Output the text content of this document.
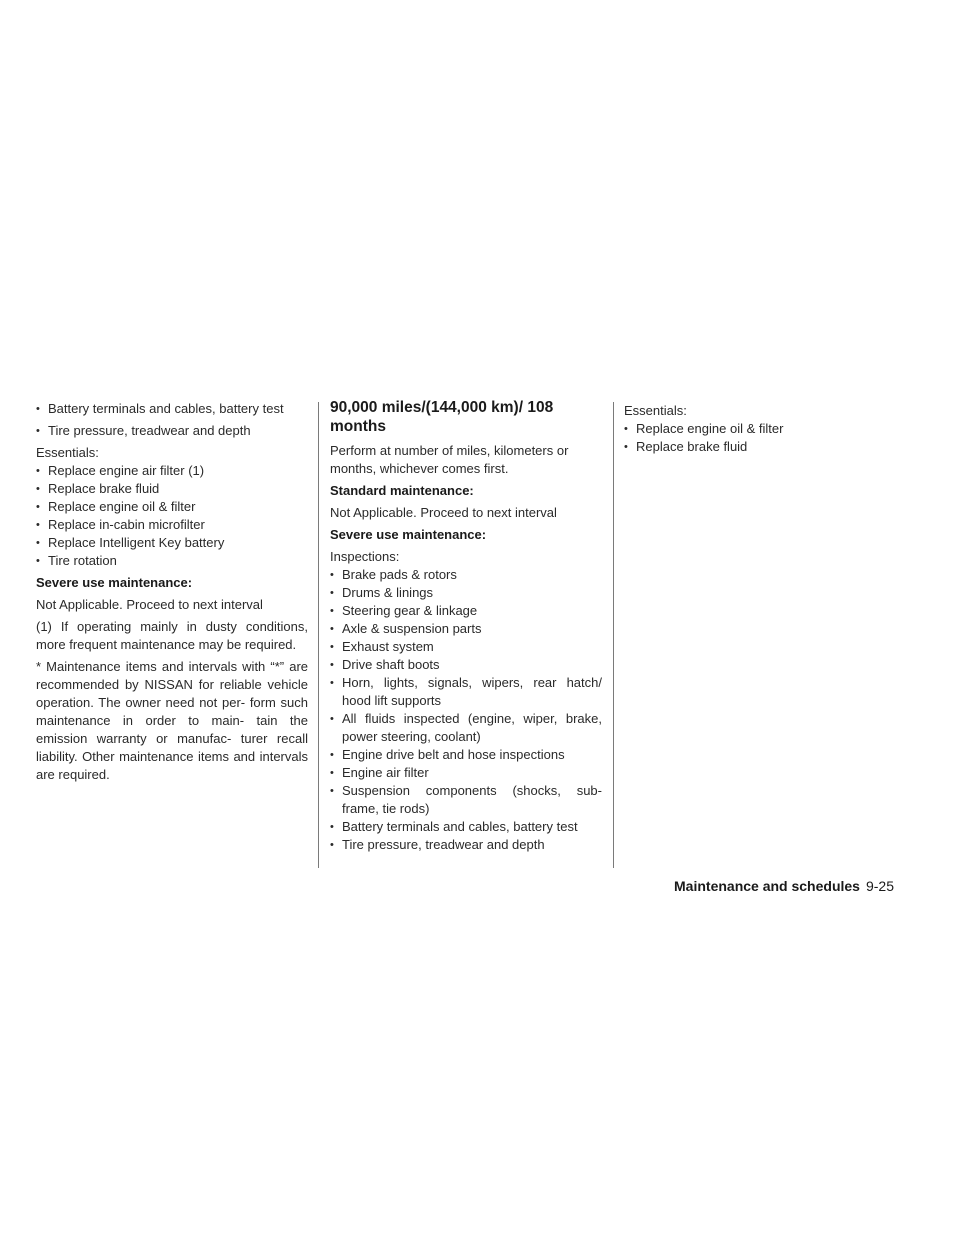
• Battery terminals and cables, battery test
• Tire pressure, treadwear and depth
Essentials:
• Replace engine air filter (1)
• Replace brake fluid
• Replace engine oil & filter
• Replace in-cabin microfilter
• Replace Intelligent Key battery
• Tire rotation
Severe use maintenance:
Not Applicable. Proceed to next interval
(1) If operating mainly in dusty conditions, more frequent maintenance may be required.
* Maintenance items and intervals with “*” are recommended by NISSAN for reliable vehicle operation. The owner need not per- form such maintenance in order to main- tain the emission warranty or manufac- turer recall liability. Other maintenance items and intervals are required.
90,000 miles/(144,000 km)/ 108 months
Perform at number of miles, kilometers or months, whichever comes first.
Standard maintenance:
Not Applicable. Proceed to next interval
Severe use maintenance:
Inspections:
• Brake pads & rotors
• Drums & linings
• Steering gear & linkage
• Axle & suspension parts
• Exhaust system
• Drive shaft boots
• Horn, lights, signals, wipers, rear hatch/ hood lift supports
• All fluids inspected (engine, wiper, brake, power steering, coolant)
• Engine drive belt and hose inspections
• Engine air filter
• Suspension components (shocks, sub- frame, tie rods)
• Battery terminals and cables, battery test
• Tire pressure, treadwear and depth
Essentials:
• Replace engine oil & filter
• Replace brake fluid
Maintenance and schedules 9-25
